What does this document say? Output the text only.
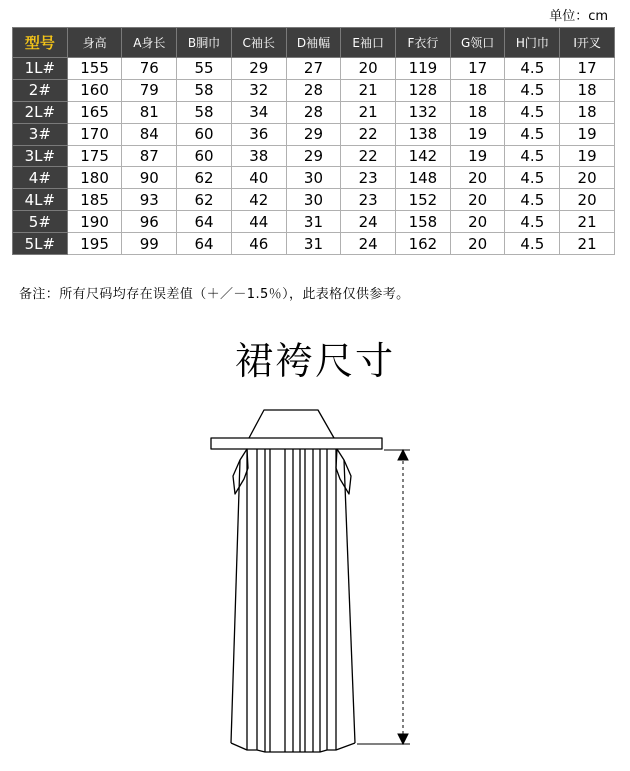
单位：cm
型号	身高	A身长	B胴巾	C袖长	D袖幅	E袖口	F衣行	G领口	H门巾	I开叉
1L#	155	76	55	29	27	20	119	17	4.5	17
2#	160	79	58	32	28	21	128	18	4.5	18
2L#	165	81	58	34	28	21	132	18	4.5	18
3#	170	84	60	36	29	22	138	19	4.5	19
3L#	175	87	60	38	29	22	142	19	4.5	19
4#	180	90	62	40	30	23	148	20	4.5	20
4L#	185	93	62	42	30	23	152	20	4.5	20
5#	190	96	64	44	31	24	158	20	4.5	21
5L#	195	99	64	46	31	24	162	20	4.5	21
备注：所有尺码均存在误差值（＋／－1.5％），此表格仅供参考。
裙袴尺寸
